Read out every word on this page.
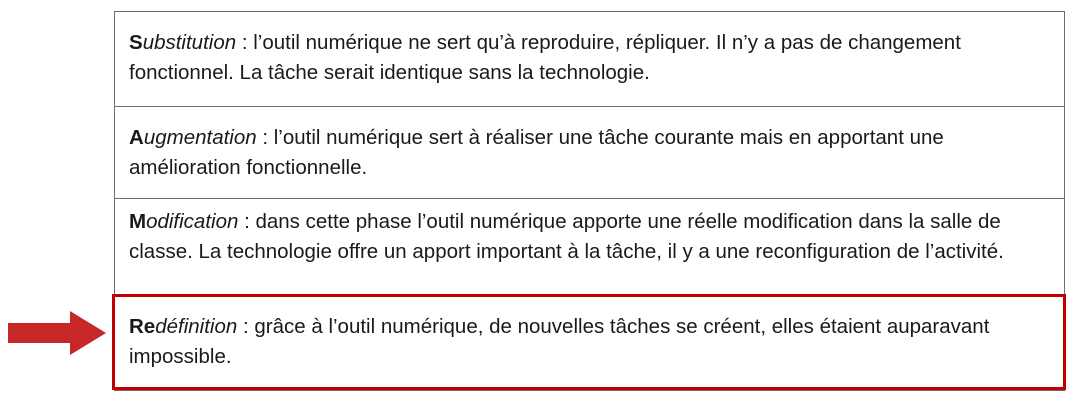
Substitution : l’outil numérique ne sert qu’à reproduire, répliquer. Il n’y a pas de changement fonctionnel. La tâche serait identique sans la technologie.
Augmentation : l’outil numérique sert à réaliser une tâche courante mais en apportant une amélioration fonctionnelle.
Modification : dans cette phase l’outil numérique apporte une réelle modification dans la salle de classe. La technologie offre un apport important à la tâche, il y a une reconfiguration de l’activité.
Redéfinition : grâce à l’outil numérique, de nouvelles tâches se créent, elles étaient auparavant impossible.
